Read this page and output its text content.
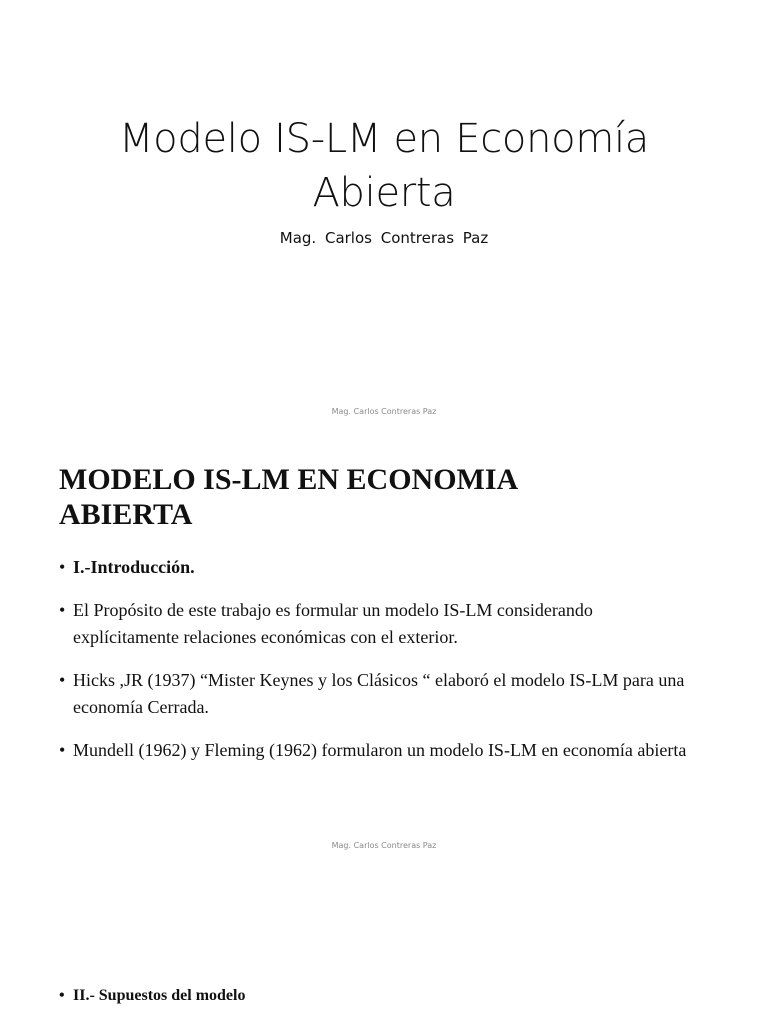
Modelo IS-LM en Economía
Abierta
Mag. Carlos Contreras Paz
Mag. Carlos Contreras Paz
MODELO IS-LM EN ECONOMIA
ABIERTA
• I.-Introducción.
• El Propósito de este trabajo es formular un modelo IS-LM considerando explícitamente relaciones económicas con el exterior.
• Hicks ,JR (1937) “Mister Keynes y los Clásicos “ elaboró el modelo IS-LM para una economía Cerrada.
• Mundell (1962) y Fleming (1962) formularon un modelo IS-LM en economía abierta
Mag. Carlos Contreras Paz
• II.- Supuestos del modelo
